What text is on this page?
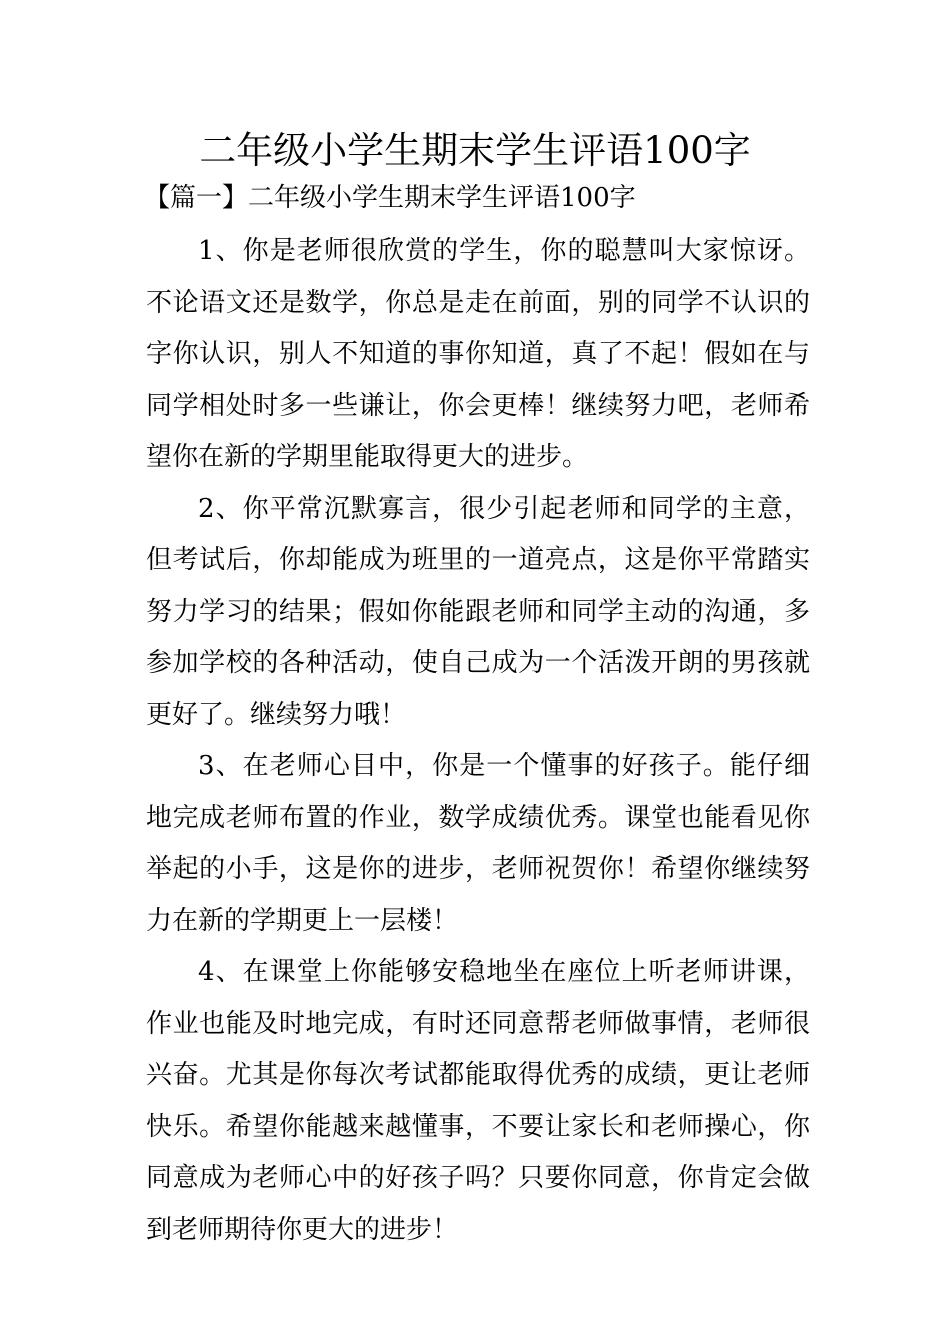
二年级小学生期末学生评语100字
【篇一】二年级小学生期末学生评语100字

1、你是老师很欣赏的学生，你的聪慧叫大家惊讶。不论语文还是数学，你总是走在前面，别的同学不认识的字你认识，别人不知道的事你知道，真了不起！假如在与同学相处时多一些谦让，你会更棒！继续努力吧，老师希望你在新的学期里能取得更大的进步。

2、你平常沉默寡言，很少引起老师和同学的主意，但考试后，你却能成为班里的一道亮点，这是你平常踏实努力学习的结果；假如你能跟老师和同学主动的沟通，多参加学校的各种活动，使自己成为一个活泼开朗的男孩就更好了。继续努力哦！

3、在老师心目中，你是一个懂事的好孩子。能仔细地完成老师布置的作业，数学成绩优秀。课堂也能看见你举起的小手，这是你的进步，老师祝贺你！希望你继续努力在新的学期更上一层楼！

4、在课堂上你能够安稳地坐在座位上听老师讲课，作业也能及时地完成，有时还同意帮老师做事情，老师很兴奋。尤其是你每次考试都能取得优秀的成绩，更让老师快乐。希望你能越来越懂事，不要让家长和老师操心，你同意成为老师心中的好孩子吗？只要你同意，你肯定会做到老师期待你更大的进步！
